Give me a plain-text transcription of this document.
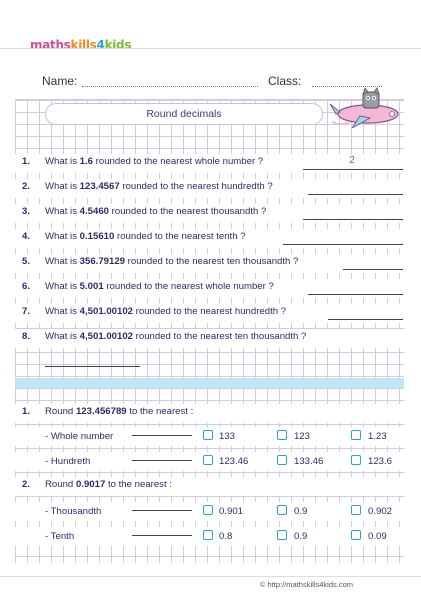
mathskills4kids
Name:	Class:
Round decimals
1. What is 1.6 rounded to the nearest whole number ?	2
2. What is 123.4567 rounded to the nearest hundredth ?
3. What is 4.5460 rounded to the nearest thousandth ?
4. What is 0.15610 rounded to the nearest tenth ?
5. What is 356.79129 rounded to the nearest ten thousandth ?
6. What is 5.001 rounded to the nearest whole number ?
7. What is 4,501.00102 rounded to the nearest hundredth ?
8. What is 4,501.00102 rounded to the nearest ten thousandth ?
1. Round 123.456789 to the nearest :
- Whole number	133	123	1.23
- Hundreth	123.46	133.46	123.6
2. Round 0.9017 to the nearest :
- Thousandth	0.901	0.9	0.902
- Tenth	0.8	0.9	0.09
© http://mathskills4kids.com
